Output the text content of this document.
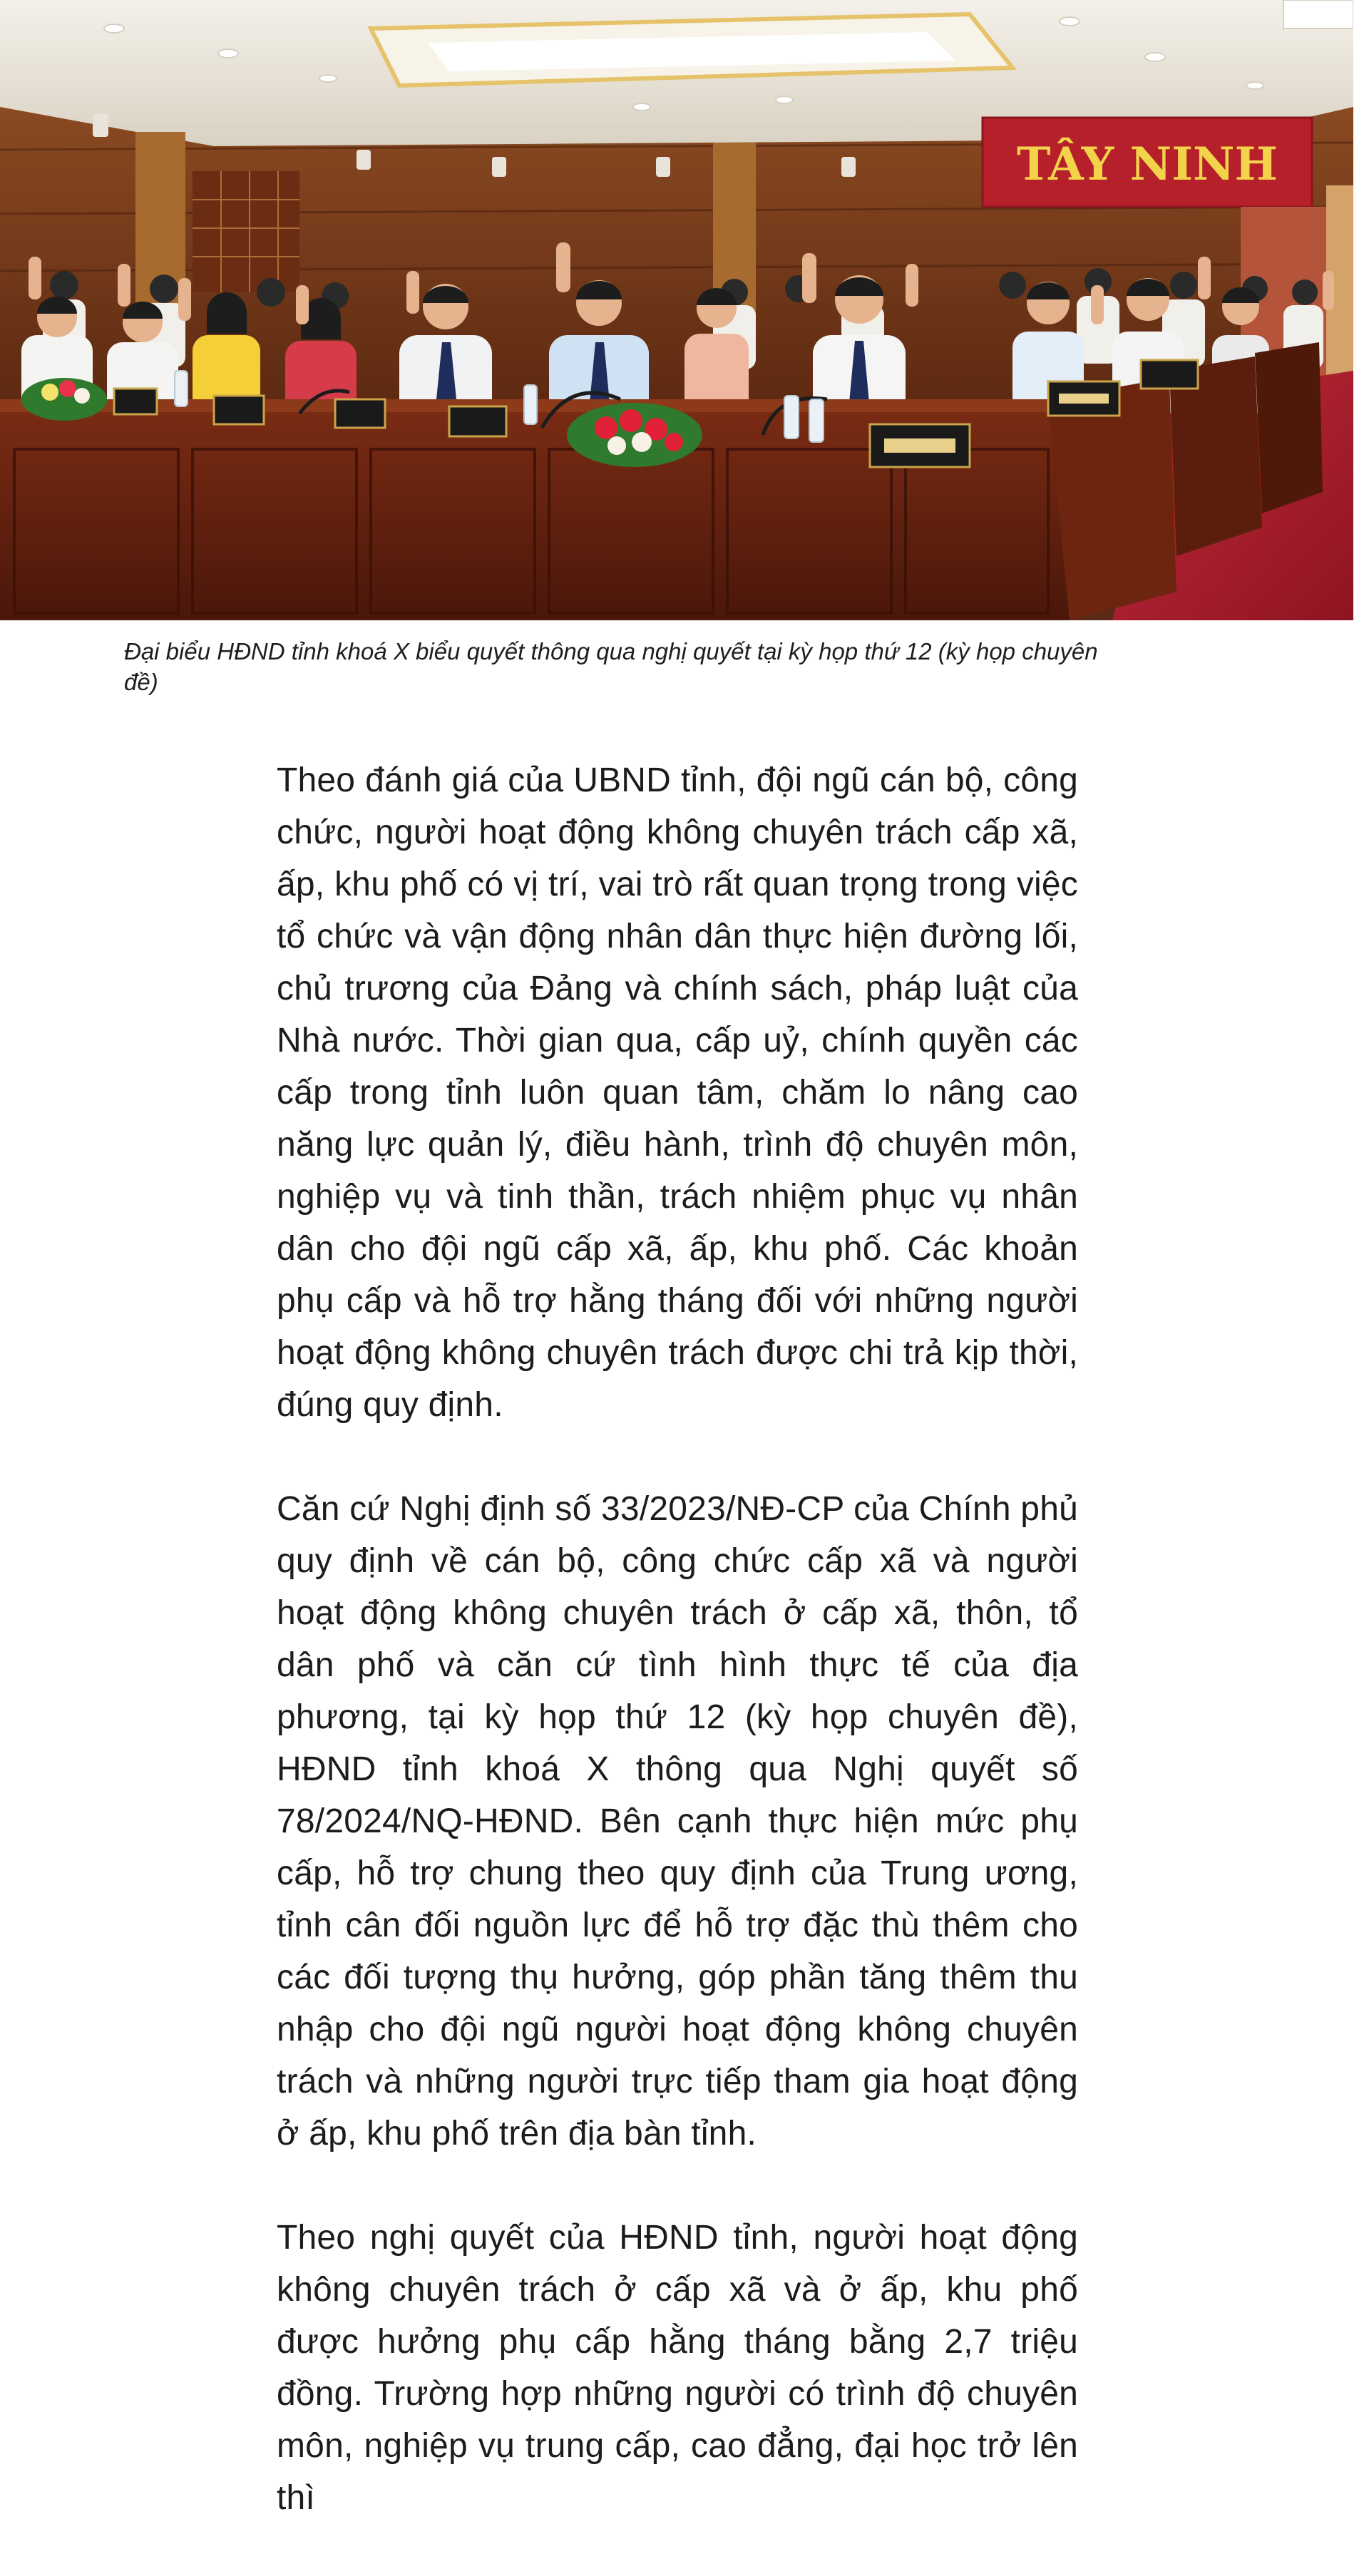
TÂY NINH

Đại biểu HĐND tỉnh khoá X biểu quyết thông qua nghị quyết tại kỳ họp thứ 12 (kỳ họp chuyên đề)

Theo đánh giá của UBND tỉnh, đội ngũ cán bộ, công chức, người hoạt động không chuyên trách cấp xã, ấp, khu phố có vị trí, vai trò rất quan trọng trong việc tổ chức và vận động nhân dân thực hiện đường lối, chủ trương của Đảng và chính sách, pháp luật của Nhà nước. Thời gian qua, cấp uỷ, chính quyền các cấp trong tỉnh luôn quan tâm, chăm lo nâng cao năng lực quản lý, điều hành, trình độ chuyên môn, nghiệp vụ và tinh thần, trách nhiệm phục vụ nhân dân cho đội ngũ cấp xã, ấp, khu phố. Các khoản phụ cấp và hỗ trợ hằng tháng đối với những người hoạt động không chuyên trách được chi trả kịp thời, đúng quy định.

Căn cứ Nghị định số 33/2023/NĐ-CP của Chính phủ quy định về cán bộ, công chức cấp xã và người hoạt động không chuyên trách ở cấp xã, thôn, tổ dân phố và căn cứ tình hình thực tế của địa phương, tại kỳ họp thứ 12 (kỳ họp chuyên đề), HĐND tỉnh khoá X thông qua Nghị quyết số 78/2024/NQ-HĐND. Bên cạnh thực hiện mức phụ cấp, hỗ trợ chung theo quy định của Trung ương, tỉnh cân đối nguồn lực để hỗ trợ đặc thù thêm cho các đối tượng thụ hưởng, góp phần tăng thêm thu nhập cho đội ngũ người hoạt động không chuyên trách và những người trực tiếp tham gia hoạt động ở ấp, khu phố trên địa bàn tỉnh.

Theo nghị quyết của HĐND tỉnh, người hoạt động không chuyên trách ở cấp xã và ở ấp, khu phố được hưởng phụ cấp hằng tháng bằng 2,7 triệu đồng. Trường hợp những người có trình độ chuyên môn, nghiệp vụ trung cấp, cao đẳng, đại học trở lên thì
